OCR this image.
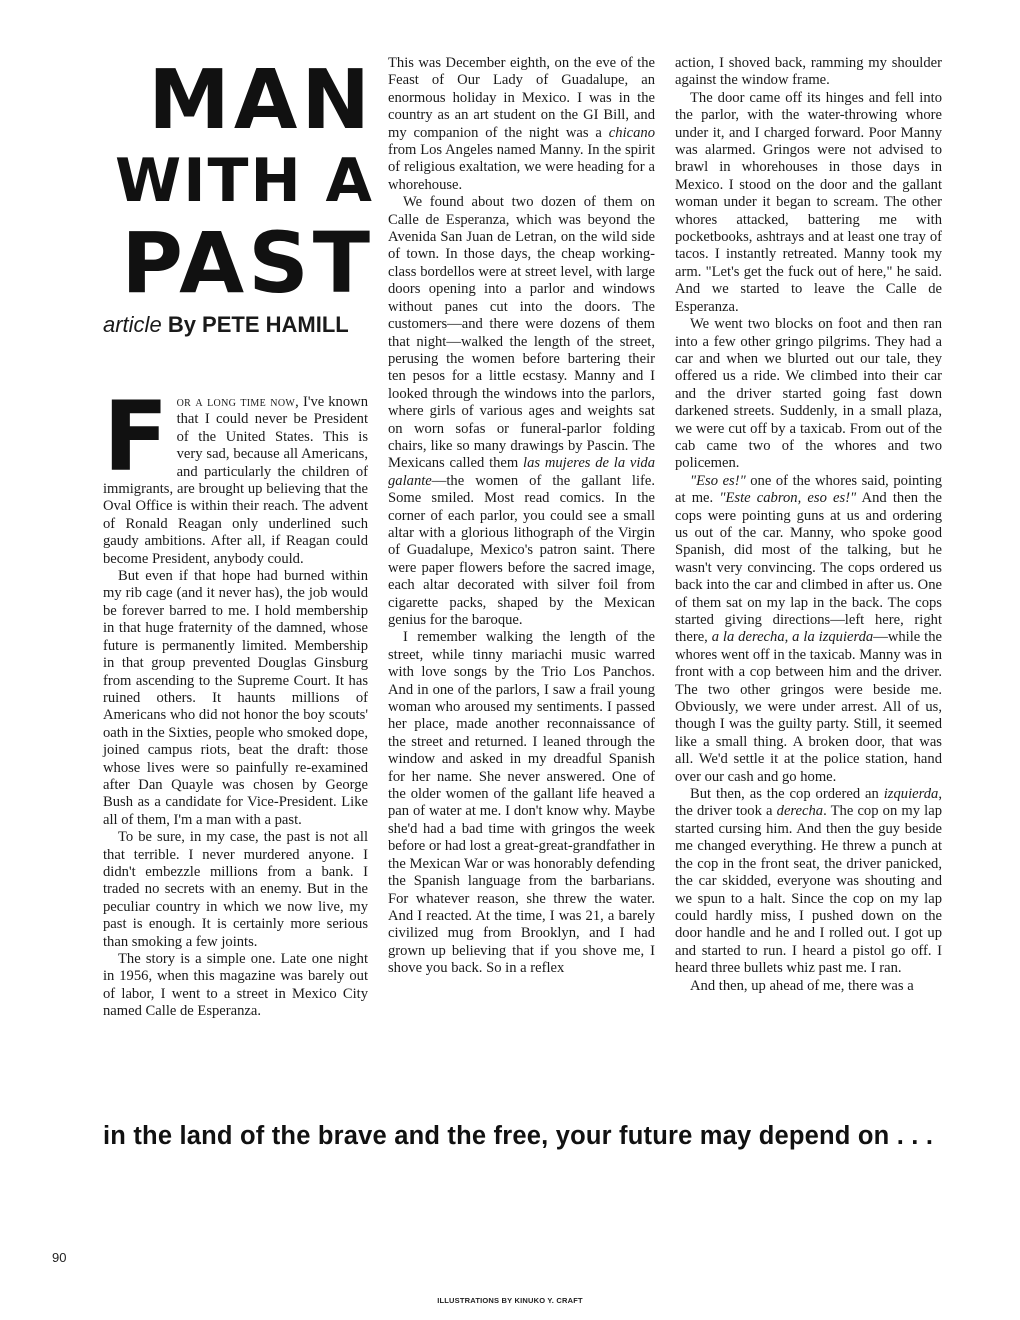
MAN
WITH A
PAST
article By PETE HAMILL

For a long time now, I've known that I could never be President of the United States. This is very sad, because all Americans, and particularly the children of immigrants, are brought up believing that the Oval Office is within their reach. The advent of Ronald Reagan only underlined such gaudy ambitions. After all, if Reagan could become President, anybody could.

But even if that hope had burned within my rib cage (and it never has), the job would be forever barred to me. I hold membership in that huge fraternity of the damned, whose future is permanently limited. Membership in that group prevented Douglas Ginsburg from ascending to the Supreme Court. It has ruined others. It haunts millions of Americans who did not honor the boy scouts' oath in the Sixties, people who smoked dope, joined campus riots, beat the draft: those whose lives were so painfully re-examined after Dan Quayle was chosen by George Bush as a candidate for Vice-President. Like all of them, I'm a man with a past.

To be sure, in my case, the past is not all that terrible. I never murdered anyone. I didn't embezzle millions from a bank. I traded no secrets with an enemy. But in the peculiar country in which we now live, my past is enough. It is certainly more serious than smoking a few joints.

The story is a simple one. Late one night in 1956, when this magazine was barely out of labor, I went to a street in Mexico City named Calle de Esperanza.

This was December eighth, on the eve of the Feast of Our Lady of Guadalupe, an enormous holiday in Mexico. I was in the country as an art student on the GI Bill, and my companion of the night was a chicano from Los Angeles named Manny. In the spirit of religious exaltation, we were heading for a whorehouse.

We found about two dozen of them on Calle de Esperanza, which was beyond the Avenida San Juan de Letran, on the wild side of town. In those days, the cheap working-class bordellos were at street level, with large doors opening into a parlor and windows without panes cut into the doors. The customers—and there were dozens of them that night—walked the length of the street, perusing the women before bartering their ten pesos for a little ecstasy. Manny and I looked through the windows into the parlors, where girls of various ages and weights sat on worn sofas or funeral-parlor folding chairs, like so many drawings by Pascin. The Mexicans called them las mujeres de la vida galante—the women of the gallant life. Some smiled. Most read comics. In the corner of each parlor, you could see a small altar with a glorious lithograph of the Virgin of Guadalupe, Mexico's patron saint. There were paper flowers before the sacred image, each altar decorated with silver foil from cigarette packs, shaped by the Mexican genius for the baroque.

I remember walking the length of the street, while tinny mariachi music warred with love songs by the Trio Los Panchos. And in one of the parlors, I saw a frail young woman who aroused my sentiments. I passed her place, made another reconnaissance of the street and returned. I leaned through the window and asked in my dreadful Spanish for her name. She never answered. One of the older women of the gallant life heaved a pan of water at me. I don't know why. Maybe she'd had a bad time with gringos the week before or had lost a great-great-grandfather in the Mexican War or was honorably defending the Spanish language from the barbarians. For whatever reason, she threw the water. And I reacted. At the time, I was 21, a barely civilized mug from Brooklyn, and I had grown up believing that if you shove me, I shove you back. So in a reflex

action, I shoved back, ramming my shoulder against the window frame.

The door came off its hinges and fell into the parlor, with the water-throwing whore under it, and I charged forward. Poor Manny was alarmed. Gringos were not advised to brawl in whorehouses in those days in Mexico. I stood on the door and the gallant woman under it began to scream. The other whores attacked, battering me with pocketbooks, ashtrays and at least one tray of tacos. I instantly retreated. Manny took my arm. "Let's get the fuck out of here," he said. And we started to leave the Calle de Esperanza.

We went two blocks on foot and then ran into a few other gringo pilgrims. They had a car and when we blurted out our tale, they offered us a ride. We climbed into their car and the driver started going fast down darkened streets. Suddenly, in a small plaza, we were cut off by a taxicab. From out of the cab came two of the whores and two policemen.

"Eso es!" one of the whores said, pointing at me. "Este cabron, eso es!" And then the cops were pointing guns at us and ordering us out of the car. Manny, who spoke good Spanish, did most of the talking, but he wasn't very convincing. The cops ordered us back into the car and climbed in after us. One of them sat on my lap in the back. The cops started giving directions—left here, right there, a la derecha, a la izquierda—while the whores went off in the taxicab. Manny was in front with a cop between him and the driver. The two other gringos were beside me. Obviously, we were under arrest. All of us, though I was the guilty party. Still, it seemed like a small thing. A broken door, that was all. We'd settle it at the police station, hand over our cash and go home.

But then, as the cop ordered an izquierda, the driver took a derecha. The cop on my lap started cursing him. And then the guy beside me changed everything. He threw a punch at the cop in the front seat, the driver panicked, the car skidded, everyone was shouting and we spun to a halt. Since the cop on my lap could hardly miss, I pushed down on the door handle and he and I rolled out. I got up and started to run. I heard a pistol go off. I heard three bullets whiz past me. I ran.

And then, up ahead of me, there was a

in the land of the brave and the free, your future may depend on . . .
90
ILLUSTRATIONS BY KINUKO Y. CRAFT
